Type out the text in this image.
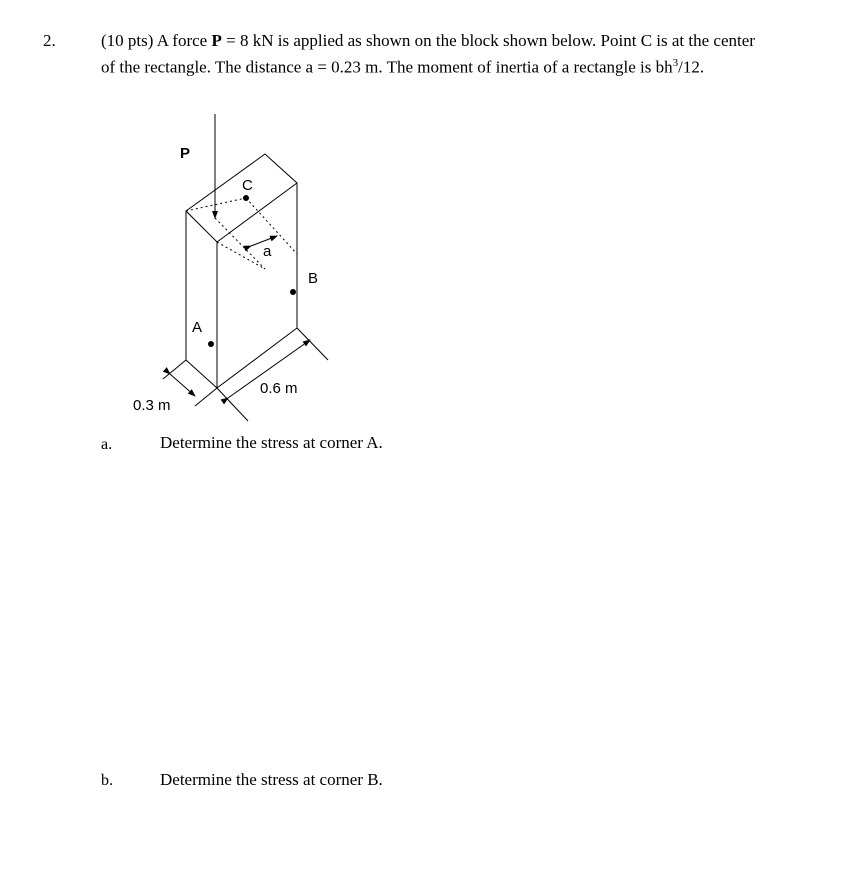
2.	(10 pts) A force P = 8 kN is applied as shown on the block shown below. Point C is at the center of the rectangle. The distance a = 0.23 m. The moment of inertia of a rectangle is $bh^3/12$.
P
a
C
B
A
0.3 m
0.6 m
a.	Determine the stress at corner A.
b.	Determine the stress at corner B.
